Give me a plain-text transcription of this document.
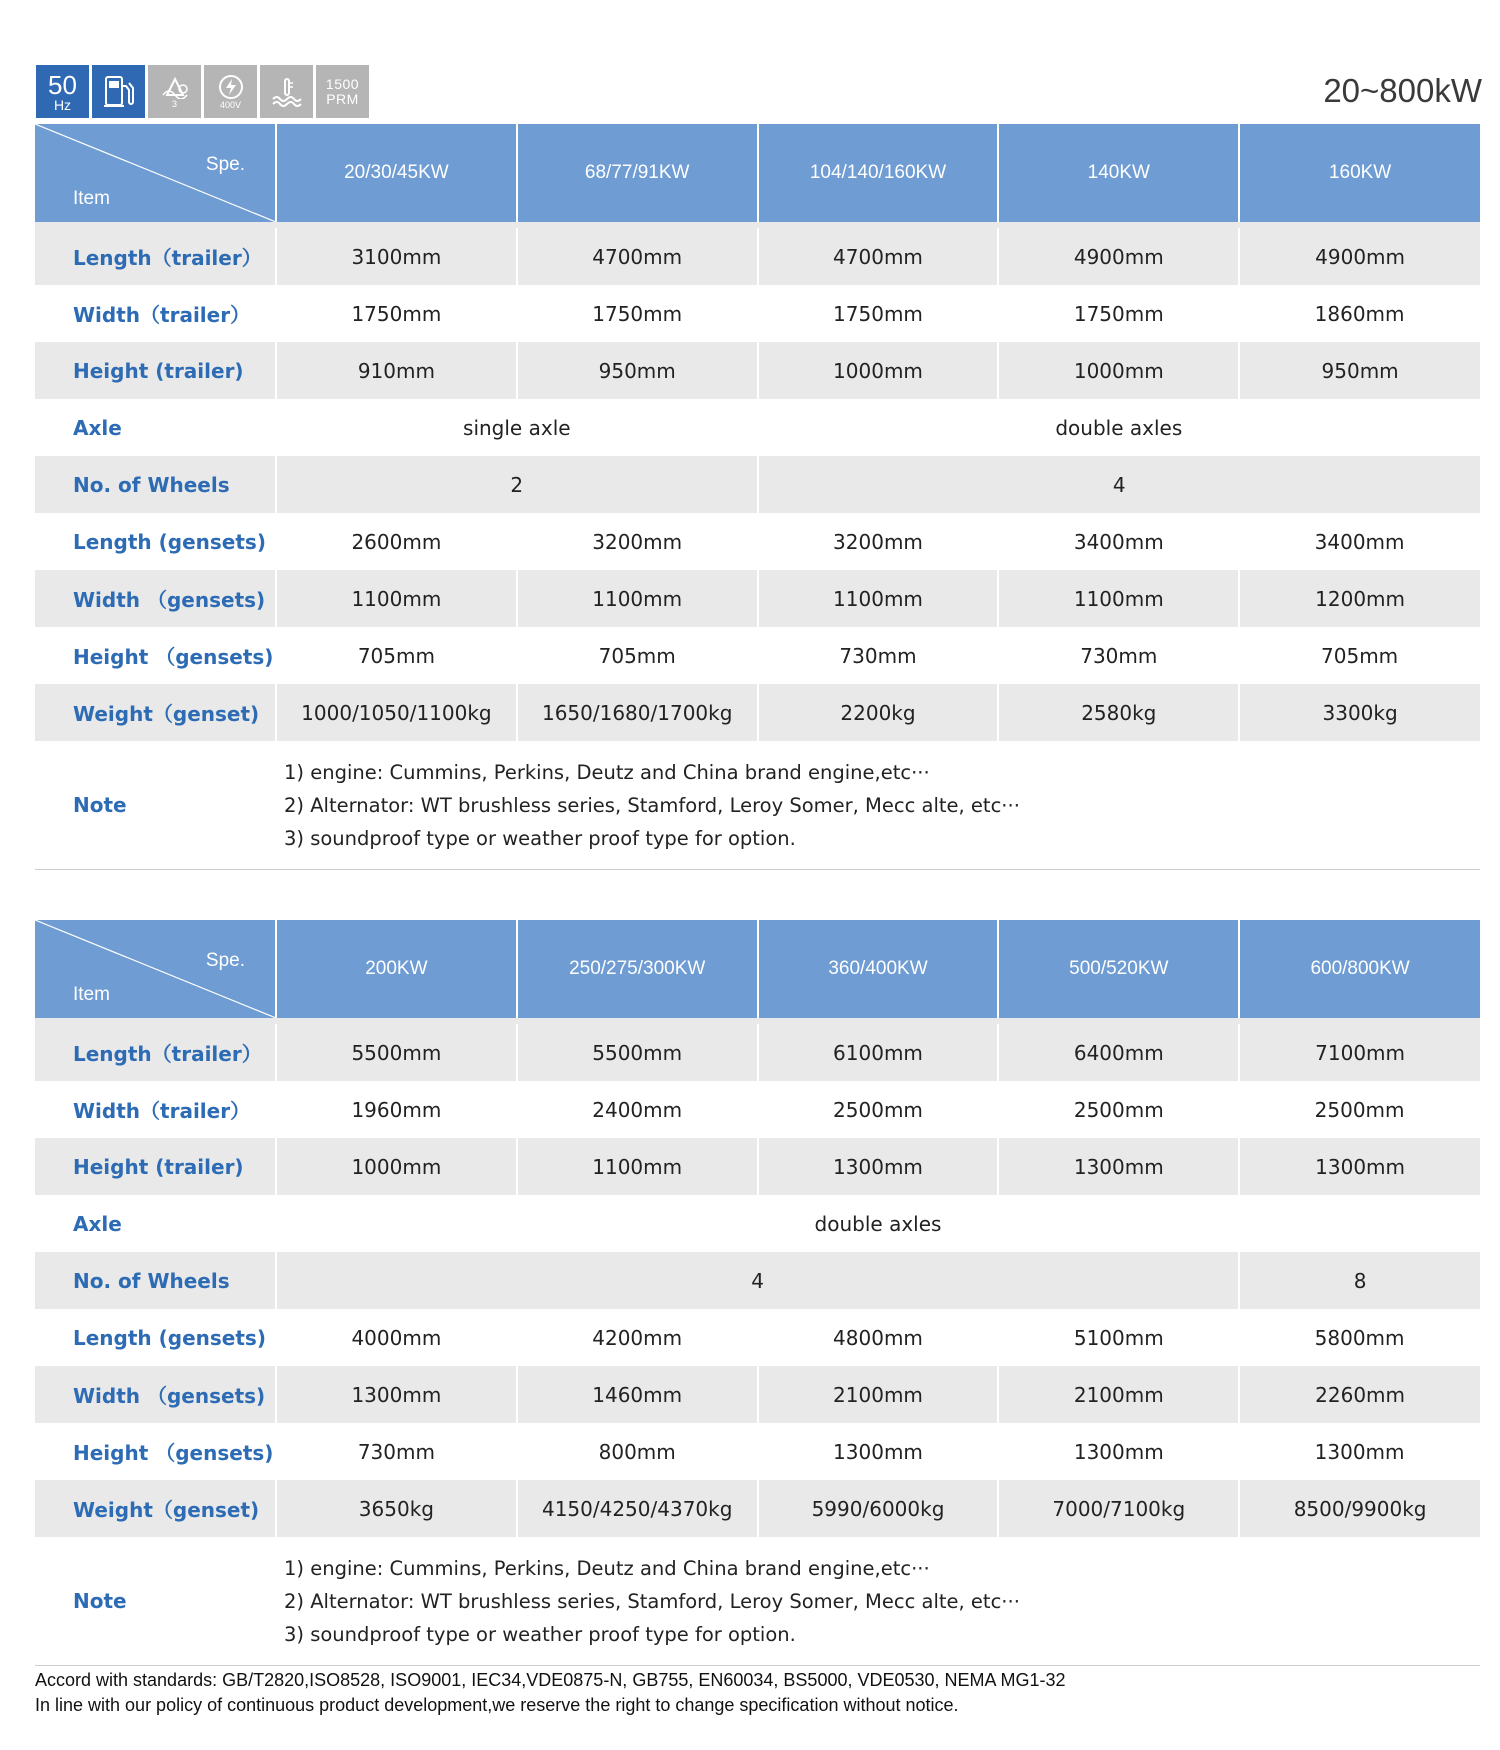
50
Hz	3	400V
1500
PRM	20~800kW
Spe.
Item	20/30/45KW	68/77/91KW	104/140/160KW	140KW	160KW
Length（trailer）	3100mm	4700mm	4700mm	4900mm	4900mm
Width（trailer）	1750mm	1750mm	1750mm	1750mm	1860mm
Height (trailer)	910mm	950mm	1000mm	1000mm	950mm
Axle	single axle		double axles		
No. of Wheels	2		4		
Length (gensets)	2600mm	3200mm	3200mm	3400mm	3400mm
Width （gensets)	1100mm	1100mm	1100mm	1100mm	1200mm
Height （gensets)	705mm	705mm	730mm	730mm	705mm
Weight（genset)	1000/1050/1100kg	1650/1680/1700kg	2200kg	2580kg	3300kg
Note	1) engine: Cummins, Perkins, Deutz and China brand engine,etc···
2) Alternator: WT brushless series, Stamford, Leroy Somer, Mecc alte, etc···
3) soundproof type or weather proof type for option.				
Spe.
Item	200KW	250/275/300KW	360/400KW	500/520KW	600/800KW
Length（trailer）	5500mm	5500mm	6100mm	6400mm	7100mm
Width（trailer）	1960mm	2400mm	2500mm	2500mm	2500mm
Height (trailer)	1000mm	1100mm	1300mm	1300mm	1300mm
Axle	double axles				
No. of Wheels	4				8
Length (gensets)	4000mm	4200mm	4800mm	5100mm	5800mm
Width （gensets)	1300mm	1460mm	2100mm	2100mm	2260mm
Height （gensets)	730mm	800mm	1300mm	1300mm	1300mm
Weight（genset)	3650kg	4150/4250/4370kg	5990/6000kg	7000/7100kg	8500/9900kg
Note	1) engine: Cummins, Perkins, Deutz and China brand engine,etc···
2) Alternator: WT brushless series, Stamford, Leroy Somer, Mecc alte, etc···
3) soundproof type or weather proof type for option.				
Accord with standards: GB/T2820,ISO8528, ISO9001, IEC34,VDE0875-N, GB755, EN60034, BS5000, VDE0530, NEMA MG1-32
In line with our policy of continuous product development,we reserve the right to change specification without notice.
